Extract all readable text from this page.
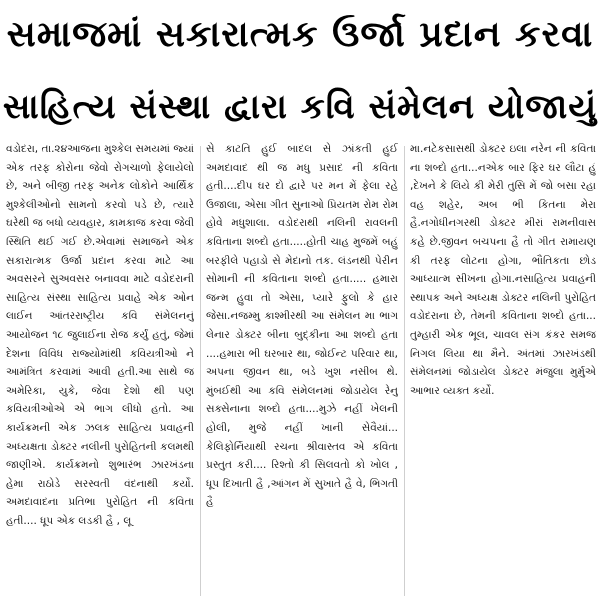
સમાજમાં સકારાત્મક ઉર્જા પ્રદાન કરવા
સાહિત્ય સંસ્થા દ્વારા કવિ સંમેલન યોજાયું

વડોદરા, તા.૨૪આજના મુશ્કેલ સમયમાં જ્યાં એક તરફ કોરોના જેવો રોગચાળો ફેલાયેલો છે, અને બીજી તરફ અનેક લોકોને આર્થિક મુશ્કેલીઓનો સામનો કરવો પડે છે, ત્યારે ઘરેથી જ બધો વ્યવહાર, કામકાજ કરવા જેવી સ્થિતિ થઈ ગઈ છે.એવામાં સમાજને એક સકારાત્મક ઉર્જા પ્રદાન કરવા માટે આ અવસરને સુઅવસર બનાવવા માટે વડોદરાની સાહિત્ય સંસ્થા સાહિત્ય પ્રવાહે એક ઓન લાઈન આંતરરાષ્ટ્રીય કવિ સંમેલનનું આયોજન ૧૮ જુલાઈના રોજ કર્યું હતું, જેમાં દેશના વિવિધ રાજ્યોમાંથી કવિયત્રીઓ ને આમંત્રિત કરવામાં આવી હતી.આ સાથે જ અમેરિકા, યુકે, જેવા દેશો થી પણ કવિયત્રીઓએ એ ભાગ લીધો હતો. આ કાર્યક્રમની એક ઝલક સાહિત્ય પ્રવાહની અધ્યક્ષતા ડોક્ટર નલીની પુરોહિતની કલમથી જાણીએ. કાર્યક્રમનો શુભારંભ ઝારખંડના હેમા રાઠોડે સરસ્વતી વંદનાથી કર્યો. અમદાવાદના પ્રતિભા પુરોહિત ની કવિતા હતી.... ધૂપ એક લડકી હૈ , લૂ

સે કાટતિ હુઈ બાદલ સે ઝાંકતી હુઈ અમદાવાદ થી જ મધુ પ્રસાદ ની કવિતા હતી....દીપ ઘર દો દ્વારે પર મન મેં ફેલા રહે ઉજાલા, એસા ગીત સુનાઓ પ્રિયતમ રોમ રોમ હોવે મધુશાલા. વડોદરાથી નલિની રાવલની કવિતાના શબ્દો હતા.....હોતી ચાહ મુજમેં બહું બરફીલે પહાડો સે મેદાનો તક. લંડનથી પેરીન સોમાની ની કવિતાના શબ્દો હતા..... હમારા જન્મ હુવા તો એસા, પ્યારે ફુલો કે હાર જેસા.નજમ્મુ કાશ્મીરથી આ સંમેલન મા ભાગ લેનાર ડોક્ટર બીના બુદ્કીના આ શબ્દો હતા ....હમારા ભી ઘરબાર થા, જોઈન્ટ પરિવાર થા, અપના જીવન થા, બડે ખુશ નસીબ થે. મુંબઈથી આ કવિ સંમેલનમાં જોડાયેલ રેનુ સક્સેનાના શબ્દો હતા....મુઝે નહીં ખેલની હોલી, મુજે નહીં ખાની સેવૈયાં... કેલિફોર્નિયાથી રચના શ્રીવાસ્તવ એ કવિતા પ્રસ્તુત કરી.... રિશ્તો કી સિલવતો કો ખોલ , ધૂપ દિખાતી હૈ ,આંગન મેં સુખાતે હૈ વે, ભિગતી હૈ

મા.નટેકસાસથી ડોક્ટર ઇલા નરેન ની કવિતા ના શબ્દો હતા...નએક બાર ફિર ઘર લૌટા હું ,દેખને કે લિયે કી મેરી તુસિ મેં જો બસા રહા વહ શહેર, અબ ભી કિતના મેરા હૈ.નગોધીનગરથી ડોક્ટર મીરાં રામનીવાસ કહે છે.જીવન બચપના હૈ તો ગીત રામાયણ કી તરફ લોટના હોગા, ભૌતિકતા છોડ આધ્યાત્મ સીખના હોગા.નસાહિત્ય પ્રવાહની સ્થાપક અને અધ્યક્ષ ડોક્ટર નલિની પુરોહિત વડોદરાના છે, તેમની કવિતાના શબ્દો હતા... તુમ્હારી એક ભૂલ, ચાવલ સંગ કંકર સમજ નિગલ લિયા થા મૈને. અંતમાં ઝારખંડથી સંમેલનમાં જોડાયેલ ડોક્ટર મંજુલા મુર્મુએ આભાર વ્યક્ત કર્યો.
